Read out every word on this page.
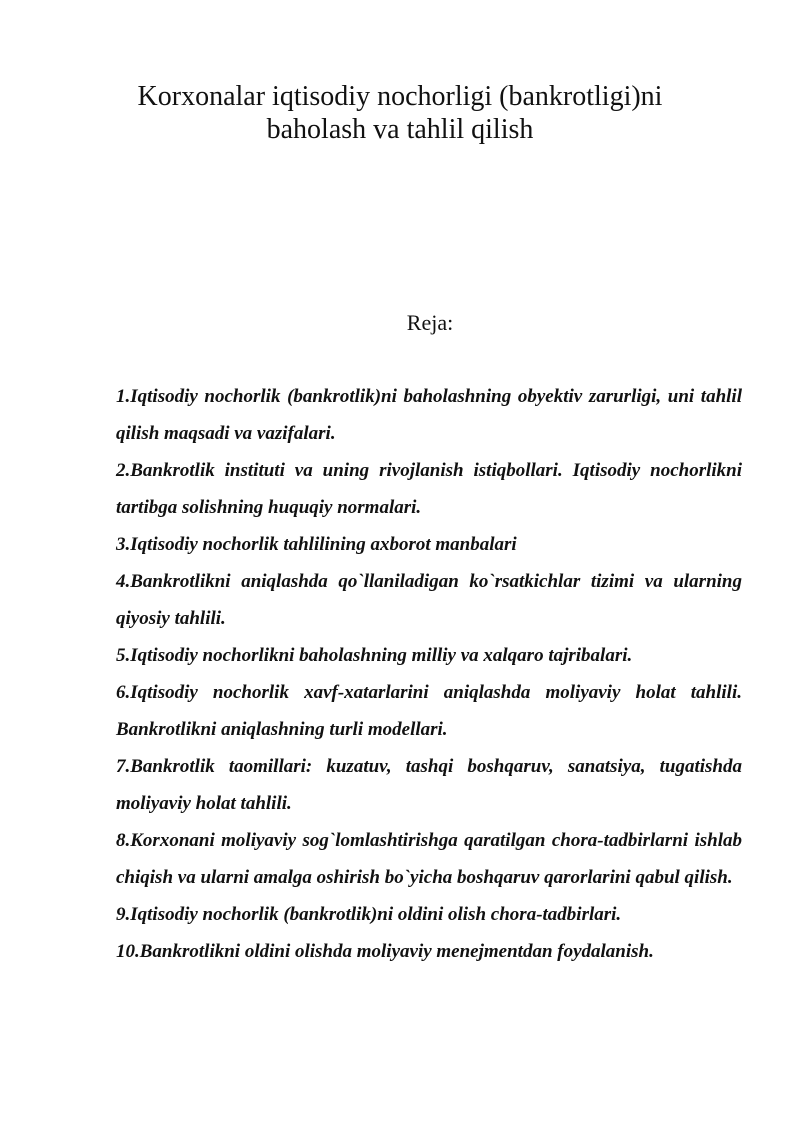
Korxonalar iqtisodiy nochorligi (bankrotligi)ni
baholash va tahlil qilish
Reja:
1.Iqtisodiy nochorlik (bankrotlik)ni baholashning obyektiv zarurligi, uni tahlil qilish maqsadi va vazifalari.
2.Bankrotlik instituti va uning rivojlanish istiqbollari. Iqtisodiy nochorlikni tartibga solishning huquqiy normalari.
3.Iqtisodiy nochorlik tahlilining axborot manbalari
4.Bankrotlikni aniqlashda qo`llaniladigan ko`rsatkichlar tizimi va ularning qiyosiy tahlili.
5.Iqtisodiy nochorlikni baholashning milliy va xalqaro tajribalari.
6.Iqtisodiy nochorlik xavf-xatarlarini aniqlashda moliyaviy holat tahlili. Bankrotlikni aniqlashning turli modellari.
7.Bankrotlik taomillari: kuzatuv, tashqi boshqaruv, sanatsiya, tugatishda moliyaviy holat tahlili.
8.Korxonani moliyaviy sog`lomlashtirishga qaratilgan chora-tadbirlarni ishlab chiqish va ularni amalga oshirish bo`yicha boshqaruv qarorlarini qabul qilish.
9.Iqtisodiy nochorlik (bankrotlik)ni oldini olish chora-tadbirlari.
10.Bankrotlikni oldini olishda moliyaviy menejmentdan foydalanish.
